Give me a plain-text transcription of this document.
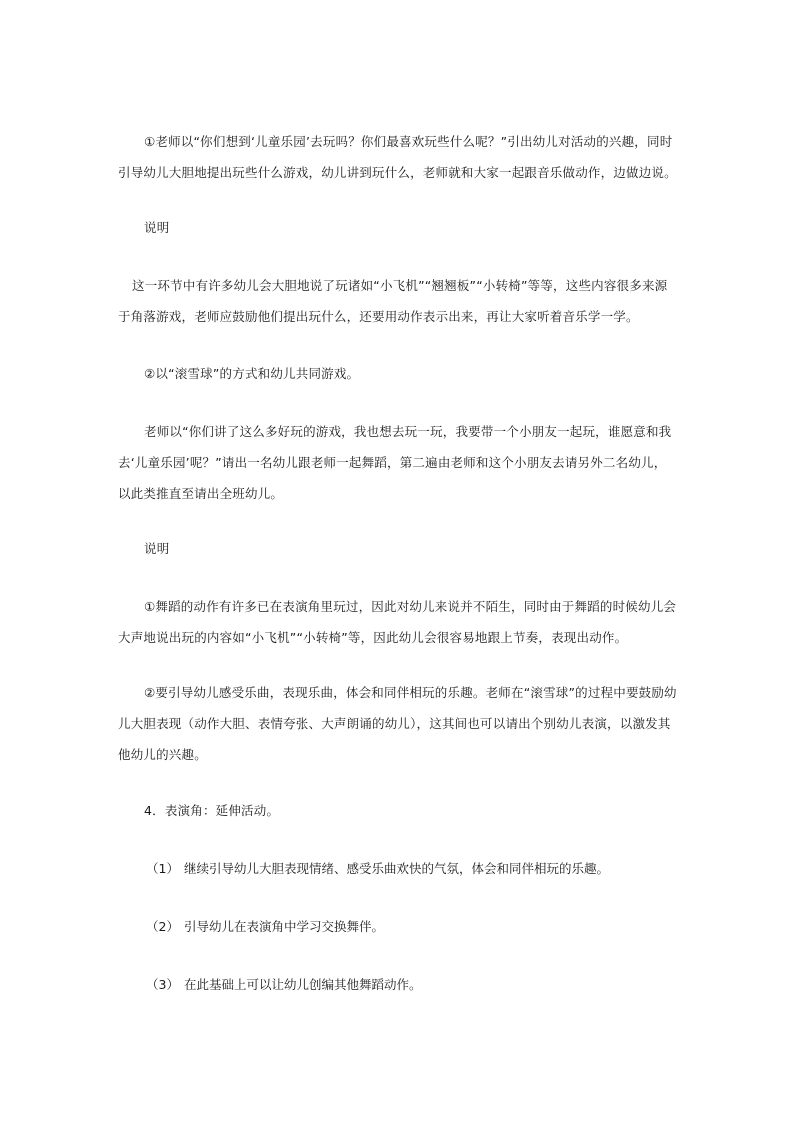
①老师以“你们想到‘儿童乐园’去玩吗？你们最喜欢玩些什么呢？”引出幼儿对活动的兴趣，同时引导幼儿大胆地提出玩些什么游戏，幼儿讲到玩什么，老师就和大家一起跟音乐做动作，边做边说。
说明
这一环节中有许多幼儿会大胆地说了玩诸如“小飞机”“翘翘板”“小转椅”等等，这些内容很多来源于角落游戏，老师应鼓励他们提出玩什么，还要用动作表示出来，再让大家听着音乐学一学。
②以“滚雪球”的方式和幼儿共同游戏。
老师以“你们讲了这么多好玩的游戏，我也想去玩一玩，我要带一个小朋友一起玩，谁愿意和我去‘儿童乐园’呢？”请出一名幼儿跟老师一起舞蹈，第二遍由老师和这个小朋友去请另外二名幼儿，以此类推直至请出全班幼儿。
说明
①舞蹈的动作有许多已在表演角里玩过，因此对幼儿来说并不陌生，同时由于舞蹈的时候幼儿会大声地说出玩的内容如“小飞机”“小转椅”等，因此幼儿会很容易地跟上节奏，表现出动作。
②要引导幼儿感受乐曲，表现乐曲，体会和同伴相玩的乐趣。老师在“滚雪球”的过程中要鼓励幼儿大胆表现（动作大胆、表情夸张、大声朗诵的幼儿），这其间也可以请出个别幼儿表演，以激发其他幼儿的兴趣。
4．表演角：延伸活动。
（1） 继续引导幼儿大胆表现情绪、感受乐曲欢快的气氛，体会和同伴相玩的乐趣。
（2） 引导幼儿在表演角中学习交换舞伴。
（3） 在此基础上可以让幼儿创编其他舞蹈动作。
